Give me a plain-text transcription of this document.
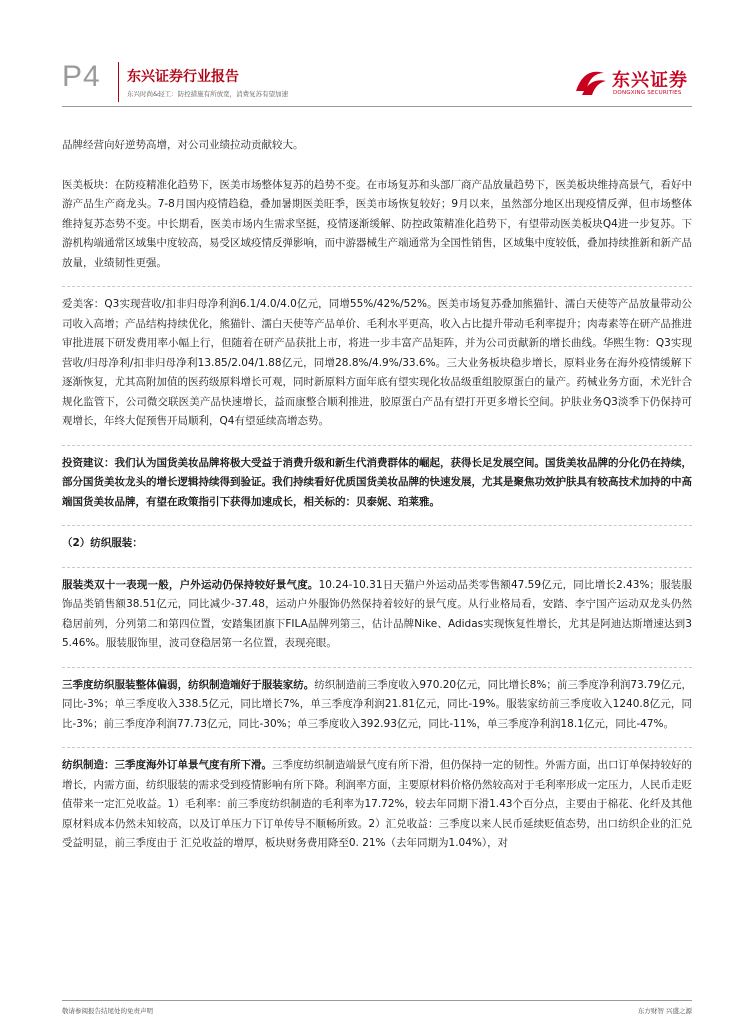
P4 东兴证券行业报告
东兴时尚&轻工：防控措施有所放宽，消费复苏有望加速
东兴证券
DONGXING SECURITIES

品牌经营向好逆势高增，对公司业绩拉动贡献较大。

医美板块：在防疫精准化趋势下，医美市场整体复苏的趋势不变。在市场复苏和头部厂商产品放量趋势下，医美板块维持高景气，看好中游产品生产商龙头。7-8月国内疫情趋稳，叠加暑期医美旺季，医美市场恢复较好；9月以来，虽然部分地区出现疫情反弹，但市场整体维持复苏态势不变。中长期看，医美市场内生需求坚挺，疫情逐渐缓解、防控政策精准化趋势下，有望带动医美板块Q4进一步复苏。下游机构端通常区域集中度较高，易受区域疫情反弹影响，而中游器械生产端通常为全国性销售，区域集中度较低，叠加持续推新和新产品放量，业绩韧性更强。

爱美客：Q3实现营收/扣非归母净利润6.1/4.0/4.0亿元，同增55%/42%/52%。医美市场复苏叠加熊猫针、濡白天使等产品放量带动公司收入高增；产品结构持续优化，熊猫针、濡白天使等产品单价、毛利水平更高，收入占比提升带动毛利率提升；肉毒素等在研产品推进审批进展下研发费用率小幅上行，但随着在研产品获批上市，将进一步丰富产品矩阵，并为公司贡献新的增长曲线。华熙生物：Q3实现营收/归母净利/扣非归母净利13.85/2.04/1.88亿元，同增28.8%/4.9%/33.6%。三大业务板块稳步增长，原料业务在海外疫情缓解下逐渐恢复，尤其高附加值的医药级原料增长可观，同时新原料方面年底有望实现化妆品级重组胶原蛋白的量产。药械业务方面，术光针合规化监管下，公司微交联医美产品快速增长，益而康整合顺利推进，胶原蛋白产品有望打开更多增长空间。护肤业务Q3淡季下仍保持可观增长，年终大促预售开局顺利，Q4有望延续高增态势。

投资建议：我们认为国货美妆品牌将极大受益于消费升级和新生代消费群体的崛起，获得长足发展空间。国货美妆品牌的分化仍在持续，部分国货美妆龙头的增长逻辑持续得到验证。我们持续看好优质国货美妆品牌的快速发展，尤其是聚焦功效护肤具有较高技术加持的中高端国货美妆品牌，有望在政策指引下获得加速成长，相关标的：贝泰妮、珀莱雅。

（2）纺织服装：

服装类双十一表现一般，户外运动仍保持较好景气度。10.24-10.31日天猫户外运动品类零售额47.59亿元，同比增长2.43%；服装服饰品类销售额38.51亿元，同比减少-37.48，运动户外服饰仍然保持着较好的景气度。从行业格局看，安踏、李宁国产运动双龙头仍然稳居前列，分列第二和第四位置，安踏集团旗下FILA品牌列第三，估计品牌Nike、Adidas实现恢复性增长，尤其是阿迪达斯增速达到35.46%。服装服饰里，波司登稳居第一名位置，表现亮眼。

三季度纺织服装整体偏弱，纺织制造端好于服装家纺。纺织制造前三季度收入970.20亿元，同比增长8%；前三季度净利润73.79亿元，同比-3%；单三季度收入338.5亿元，同比增长7%，单三季度净利润21.81亿元，同比-19%。服装家纺前三季度收入1240.8亿元，同比-3%；前三季度净利润77.73亿元，同比-30%；单三季度收入392.93亿元，同比-11%，单三季度净利润18.1亿元，同比-47%。

纺织制造：三季度海外订单景气度有所下滑。三季度纺织制造端景气度有所下滑，但仍保持一定的韧性。外需方面，出口订单保持较好的增长，内需方面，纺织服装的需求受到疫情影响有所下降。利润率方面，主要原材料价格仍然较高对于毛利率形成一定压力，人民币走贬值带来一定汇兑收益。1）毛利率：前三季度纺织制造的毛利率为17.72%，较去年同期下滑1.43个百分点，主要由于棉花、化纤及其他原材料成本仍然未知较高，以及订单压力下订单传导不顺畅所致。2）汇兑收益：三季度以来人民币延续贬值态势，出口纺织企业的汇兑受益明显，前三季度由于 汇兑收益的增厚，板块财务费用降至0. 21%（去年同期为1.04%），对

敬请参阅报告结尾处的免责声明	东方财智 兴盛之源
